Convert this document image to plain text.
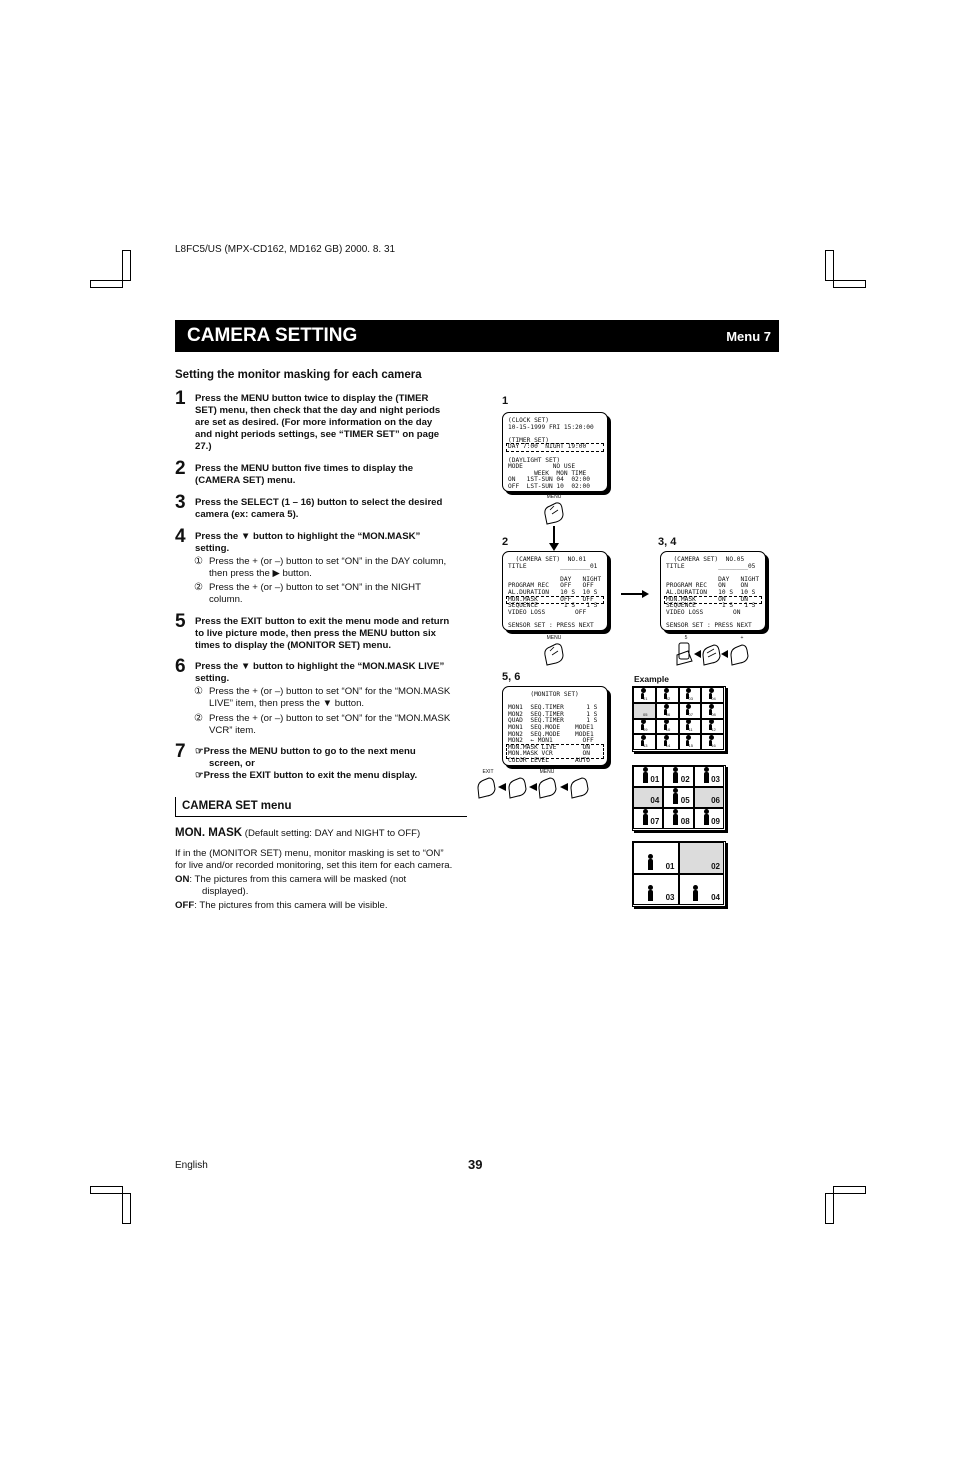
L8FC5/US (MPX-CD162, MD162 GB) 2000. 8. 31
CAMERA SETTING	Menu 7
Setting the monitor masking for each camera
1 Press the MENU button twice to display the (TIMER
SET) menu, then check that the day and night periods
are set as desired. (For more information on the day
and night periods settings, see “TIMER SET” on page
27.)
2 Press the MENU button five times to display the
(CAMERA SET) menu.
3 Press the SELECT (1 – 16) button to select the desired
camera (ex: camera 5).
4 Press the ▼ button to highlight the “MON.MASK”
setting.
5 Press the EXIT button to exit the menu mode and return
to live picture mode, then press the MENU button six
times to display the (MONITOR SET) menu.
6 Press the ▼ button to highlight the “MON.MASK LIVE”
setting.
7 ☞Press the MENU button to go to the next menu
screen, or
☞Press the EXIT button to exit the menu display.
① Press the + (or –) button to set “ON” in the DAY column,
then press the ▶ button.
② Press the + (or –) button to set “ON” in the NIGHT
column.
① Press the + (or –) button to set “ON” for the “MON.MASK
LIVE” item, then press the ▼ button.
② Press the + (or –) button to set “ON” for the “MON.MASK
VCR” item.
CAMERA SET menu
MON. MASK (Default setting: DAY and NIGHT to OFF)
If in the (MONITOR SET) menu, monitor masking is set to “ON”
for live and/or recorded monitoring, set this item for each camera.
ON: The pictures from this camera will be masked (not
displayed).
OFF: The pictures from this camera will be visible.
1
(CLOCK SET)
10-15-1999 FRI 15:20:00
(TIMER SET)
DAY 7:00  NIGHT 19:00
(DAYLIGHT SET)
MODE        NO USE
WEEK  MON TIME
ON   1ST-SUN 04  02:00
OFF  LST-SUN 10  02:00
MENU
2
(CAMERA SET)  NO.01
TITLE         ________01
DAY   NIGHT
PROGRAM REC   OFF   OFF
AL.DURATION   10 S  10 S
MON.MASK      OFF   OFF
SEQUENCE       1 S   1 S
VIDEO LOSS        OFF
SENSOR SET : PRESS NEXT
MENU
3, 4
(CAMERA SET)  NO.05
TITLE         ________05
DAY   NIGHT
PROGRAM REC   ON    ON
AL.DURATION   10 S  10 S
MON.MASK      ON    ON
SEQUENCE       1 S   1 S
VIDEO LOSS        ON
SENSOR SET : PRESS NEXT
5	+
5, 6
(MONITOR SET)
MON1  SEQ.TIMER      1 S
MON2  SEQ.TIMER      1 S
QUAD  SEQ.TIMER      1 S
MON1  SEQ.MODE    MODE1
MON2  SEQ.MODE    MODE1
MON2  ← MON1        OFF
MON.MASK LIVE       ON
MON.MASK VCR        ON
COLOR LEVEL       AUTO
EXIT	MENU
Example
01	02	03	04
05	06	07	08
09	10	11	12
13	14	15	16
01	02	03
04	05	06
07	08	09
01	02
03	04
English	39
